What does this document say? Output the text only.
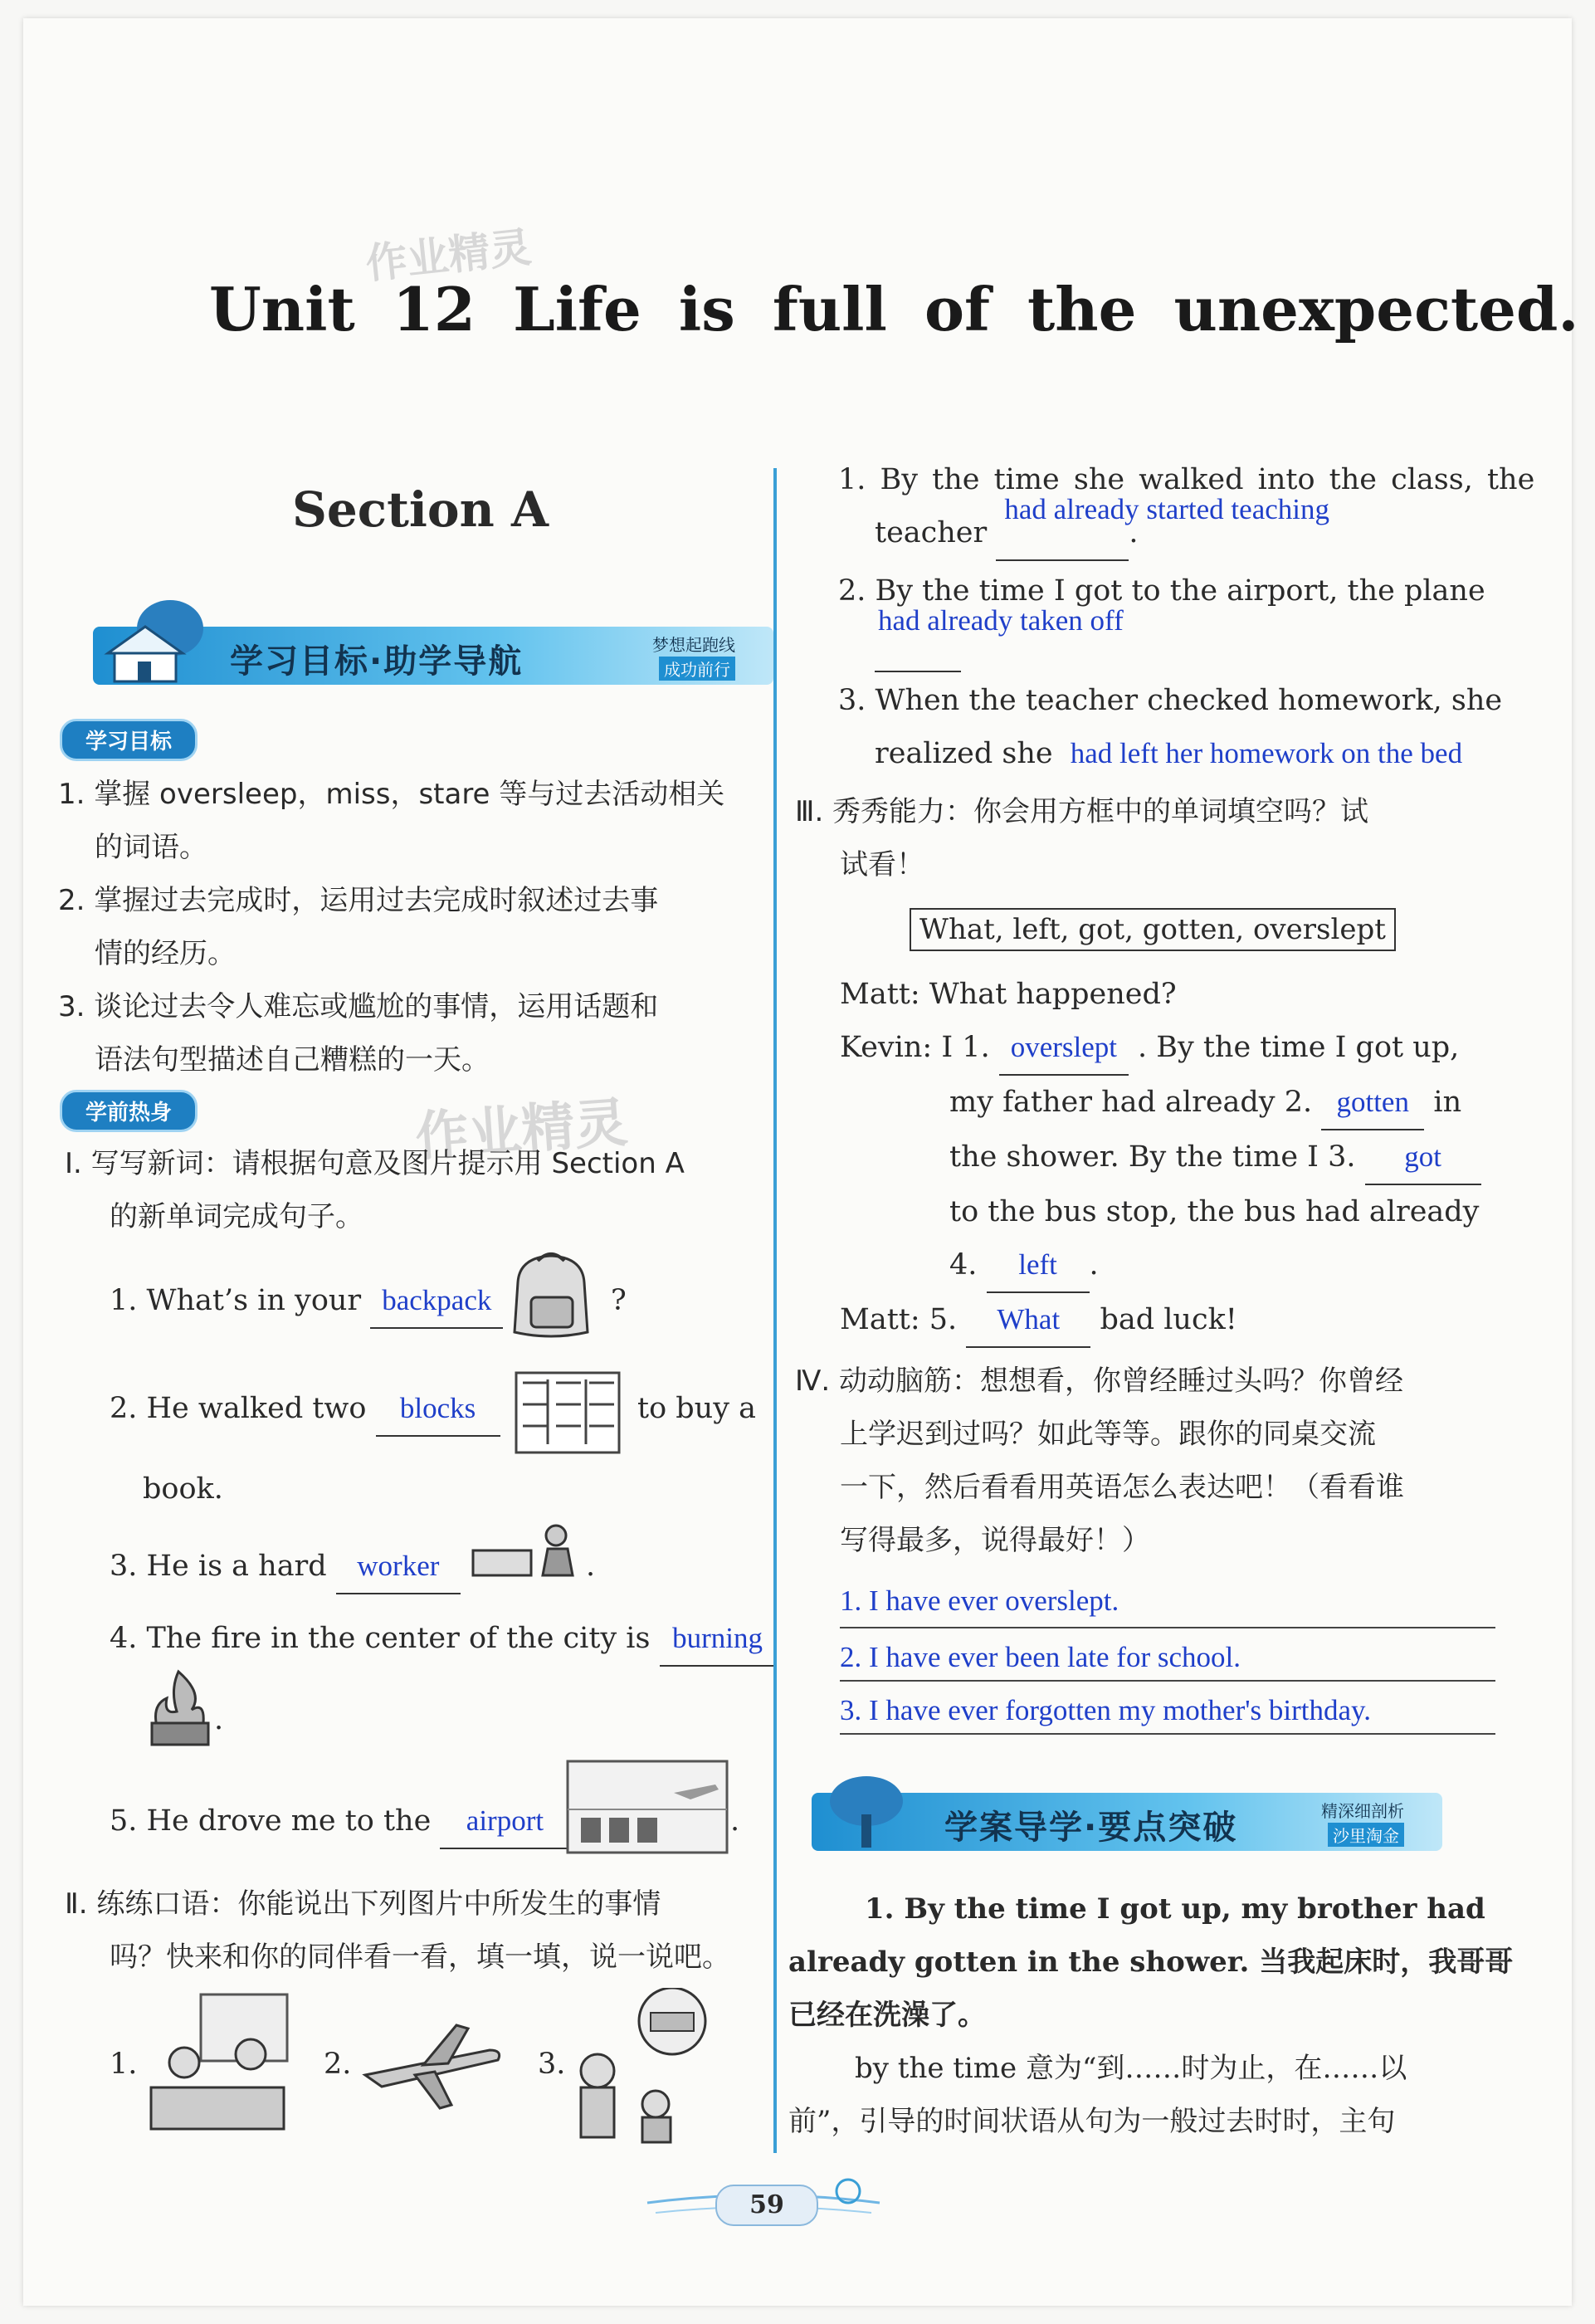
作业精灵
作业精灵
Unit 12 Life is full of the unexpected.
Section A
学习目标·助学导航	梦想起跑线
成功前行
学习目标
1. 掌握 oversleep，miss，stare 等与过去活动相关
的词语。
2. 掌握过去完成时，运用过去完成时叙述过去事
情的经历。
3. 谈论过去令人难忘或尴尬的事情，运用话题和
语法句型描述自己糟糕的一天。
学前热身
Ⅰ. 写写新词：请根据句意及图片提示用 Section A
的新单词完成句子。
1. What’s in your backpack	?
2. He walked two blocks	to buy a
book.
3. He is a hard worker	.
4. The fire in the center of the city is burning
.
5. He drove me to the airport	.
Ⅱ. 练练口语：你能说出下列图片中所发生的事情
吗？快来和你的同伴看一看，填一填，说一说吧。
1.	2.	3.
1. By the time she walked into the class, the
teacher
had already started teaching
.
2. By the time I got to the airport, the plane
had already taken off

3. When the teacher checked homework, she
realized she had left her homework on the bed
Ⅲ. 秀秀能力：你会用方框中的单词填空吗？试
试看！
What, left, got, gotten, overslept
Matt: What happened?
Kevin: I 1. overslept . By the time I got up,
my father had already 2. gotten in
the shower. By the time I 3. got
to the bus stop, the bus had already
4. left .
Matt: 5. What bad luck!
Ⅳ. 动动脑筋：想想看，你曾经睡过头吗？你曾经
上学迟到过吗？如此等等。跟你的同桌交流
一下，然后看看用英语怎么表达吧！（看看谁
写得最多，说得最好！）
1. I have ever overslept.
2. I have ever been late for school.
3. I have ever forgotten my mother's birthday.
学案导学·要点突破	精深细剖析
沙里淘金
1. By the time I got up, my brother had
already gotten in the shower. 当我起床时，我哥哥
已经在洗澡了。
by the time 意为“到……时为止，在……以
前”，引导的时间状语从句为一般过去时时，主句
59
